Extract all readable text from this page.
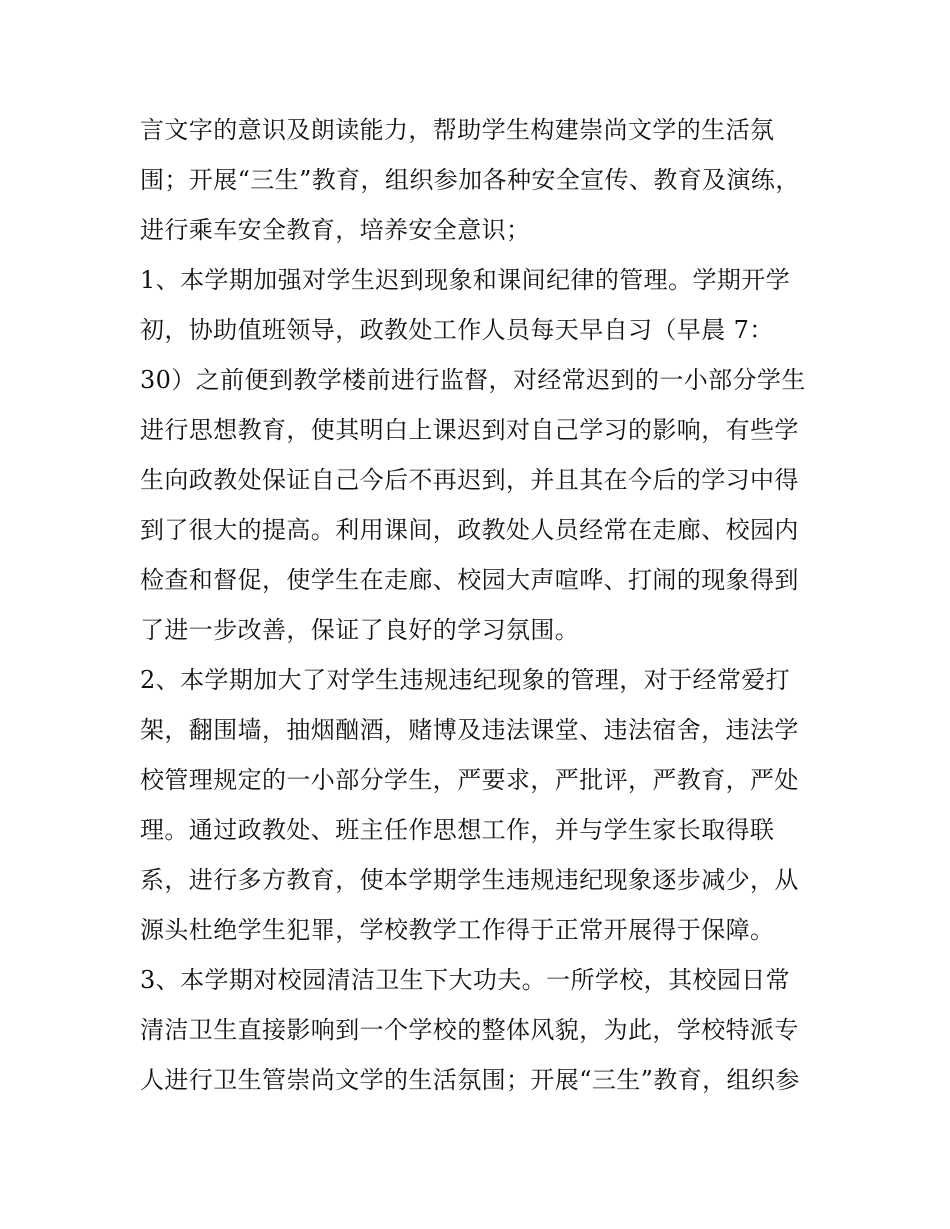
言文字的意识及朗读能力，帮助学生构建崇尚文学的生活氛
围；开展“三生”教育，组织参加各种安全宣传、教育及演练，
进行乘车安全教育，培养安全意识；
1、本学期加强对学生迟到现象和课间纪律的管理。学期开学
初，协助值班领导，政教处工作人员每天早自习（早晨 7：
30）之前便到教学楼前进行监督，对经常迟到的一小部分学生
进行思想教育，使其明白上课迟到对自己学习的影响，有些学
生向政教处保证自己今后不再迟到，并且其在今后的学习中得
到了很大的提高。利用课间，政教处人员经常在走廊、校园内
检查和督促，使学生在走廊、校园大声喧哗、打闹的现象得到
了进一步改善，保证了良好的学习氛围。
2、本学期加大了对学生违规违纪现象的管理，对于经常爱打
架，翻围墙，抽烟酗酒，赌博及违法课堂、违法宿舍，违法学
校管理规定的一小部分学生，严要求，严批评，严教育，严处
理。通过政教处、班主任作思想工作，并与学生家长取得联
系，进行多方教育，使本学期学生违规违纪现象逐步减少，从
源头杜绝学生犯罪，学校教学工作得于正常开展得于保障。
3、本学期对校园清洁卫生下大功夫。一所学校，其校园日常
清洁卫生直接影响到一个学校的整体风貌，为此，学校特派专
人进行卫生管崇尚文学的生活氛围；开展“三生”教育，组织参
